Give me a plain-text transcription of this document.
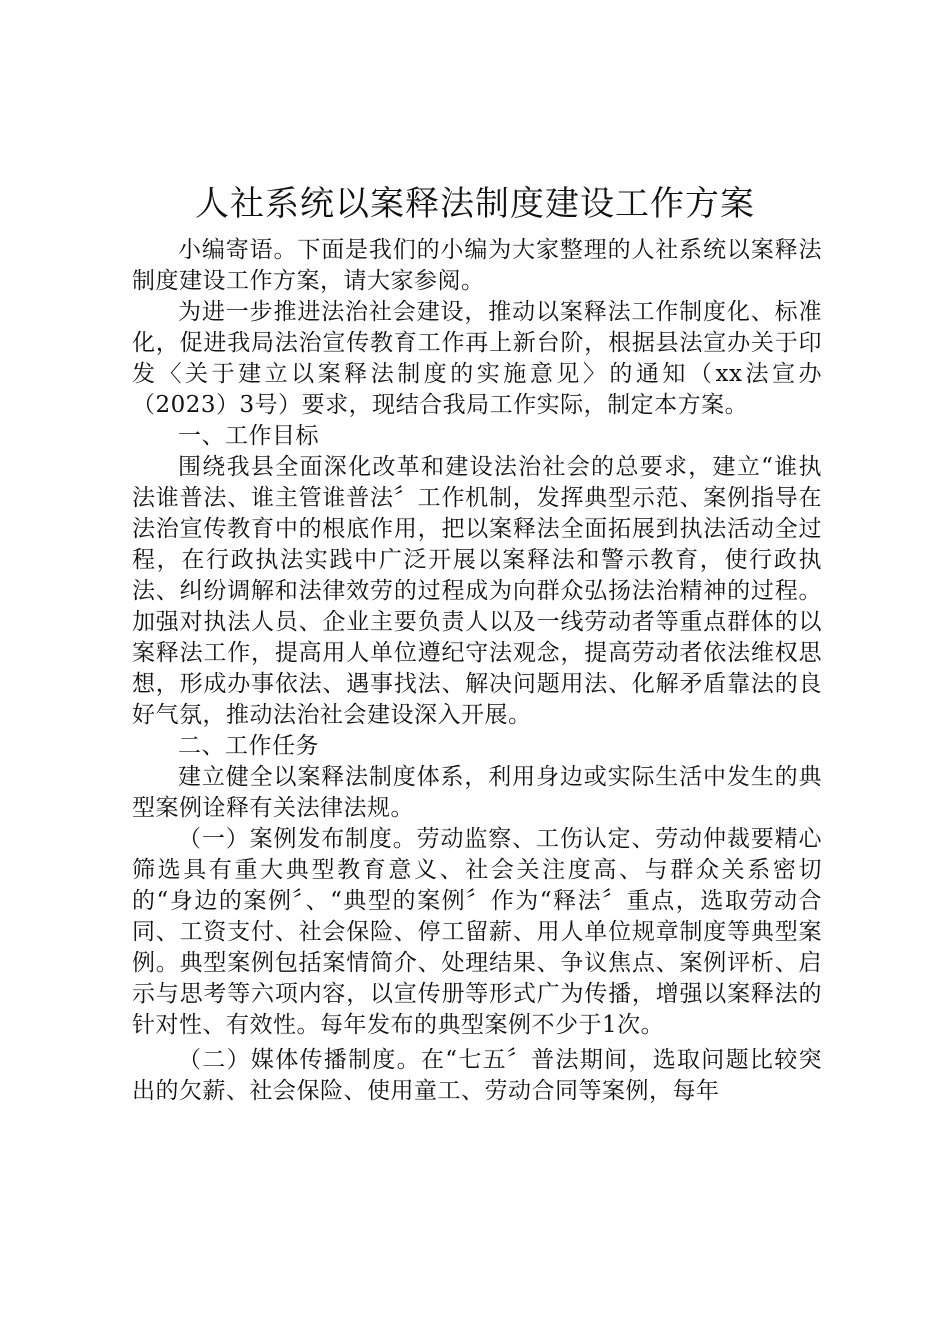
人社系统以案释法制度建设工作方案

小编寄语。下面是我们的小编为大家整理的人社系统以案释法制度建设工作方案，请大家参阅。

为进一步推进法治社会建设，推动以案释法工作制度化、标准化，促进我局法治宣传教育工作再上新台阶，根据县法宣办关于印发〈关于建立以案释法制度的实施意见〉的通知（xx法宣办（2023）3号）要求，现结合我局工作实际，制定本方案。

一、工作目标

围绕我县全面深化改革和建设法治社会的总要求，建立“谁执法谁普法、谁主管谁普法〞工作机制，发挥典型示范、案例指导在法治宣传教育中的根底作用，把以案释法全面拓展到执法活动全过程，在行政执法实践中广泛开展以案释法和警示教育，使行政执法、纠纷调解和法律效劳的过程成为向群众弘扬法治精神的过程。加强对执法人员、企业主要负责人以及一线劳动者等重点群体的以案释法工作，提高用人单位遵纪守法观念，提高劳动者依法维权思想，形成办事依法、遇事找法、解决问题用法、化解矛盾靠法的良好气氛，推动法治社会建设深入开展。

二、工作任务

建立健全以案释法制度体系，利用身边或实际生活中发生的典型案例诠释有关法律法规。

（一）案例发布制度。劳动监察、工伤认定、劳动仲裁要精心筛选具有重大典型教育意义、社会关注度高、与群众关系密切的“身边的案例〞、“典型的案例〞作为“释法〞重点，选取劳动合同、工资支付、社会保险、停工留薪、用人单位规章制度等典型案例。典型案例包括案情简介、处理结果、争议焦点、案例评析、启示与思考等六项内容，以宣传册等形式广为传播，增强以案释法的针对性、有效性。每年发布的典型案例不少于1次。

（二）媒体传播制度。在“七五〞普法期间，选取问题比较突出的欠薪、社会保险、使用童工、劳动合同等案例，每年
